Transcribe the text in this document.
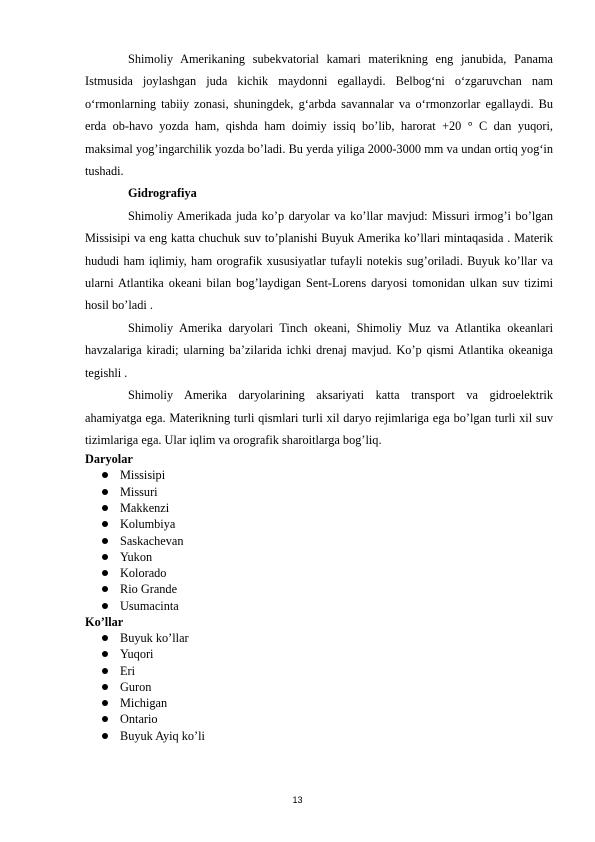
Shimoliy Amerikaning subekvatorial kamari materikning eng janubida, Panama Istmusida joylashgan juda kichik maydonni egallaydi. Belbog‘ni o‘zgaruvchan nam o‘rmonlarning tabiiy zonasi, shuningdek, g‘arbda savannalar va o‘rmonzorlar egallaydi. Bu erda ob-havo yozda ham, qishda ham doimiy issiq bo’lib, harorat +20 ° C dan yuqori, maksimal yog’ingarchilik yozda bo’ladi. Bu yerda yiliga 2000-3000 mm va undan ortiq yog‘in tushadi.

Gidrografiya

Shimoliy Amerikada juda ko’p daryolar va ko’llar mavjud: Missuri irmog’i bo’lgan Missisipi va eng katta chuchuk suv to’planishi Buyuk Amerika ko’llari mintaqasida . Materik hududi ham iqlimiy, ham orografik xususiyatlar tufayli notekis sug’oriladi. Buyuk ko’llar va ularni Atlantika okeani bilan bog’laydigan Sent-Lorens daryosi tomonidan ulkan suv tizimi hosil bo’ladi .

Shimoliy Amerika daryolari Tinch okeani, Shimoliy Muz va Atlantika okeanlari havzalariga kiradi; ularning ba’zilarida ichki drenaj mavjud. Ko’p qismi Atlantika okeaniga tegishli .

Shimoliy Amerika daryolarining aksariyati katta transport va gidroelektrik ahamiyatga ega. Materikning turli qismlari turli xil daryo rejimlariga ega bo’lgan turli xil suv tizimlariga ega. Ular iqlim va orografik sharoitlarga bog’liq.

Daryolar

Missisipi
Missuri
Makkenzi
Kolumbiya
Saskachevan
Yukon
Kolorado
Rio Grande
Usumacinta

Ko’llar

Buyuk ko’llar
Yuqori
Eri
Guron
Michigan
Ontario
Buyuk Ayiq ko’li
13
